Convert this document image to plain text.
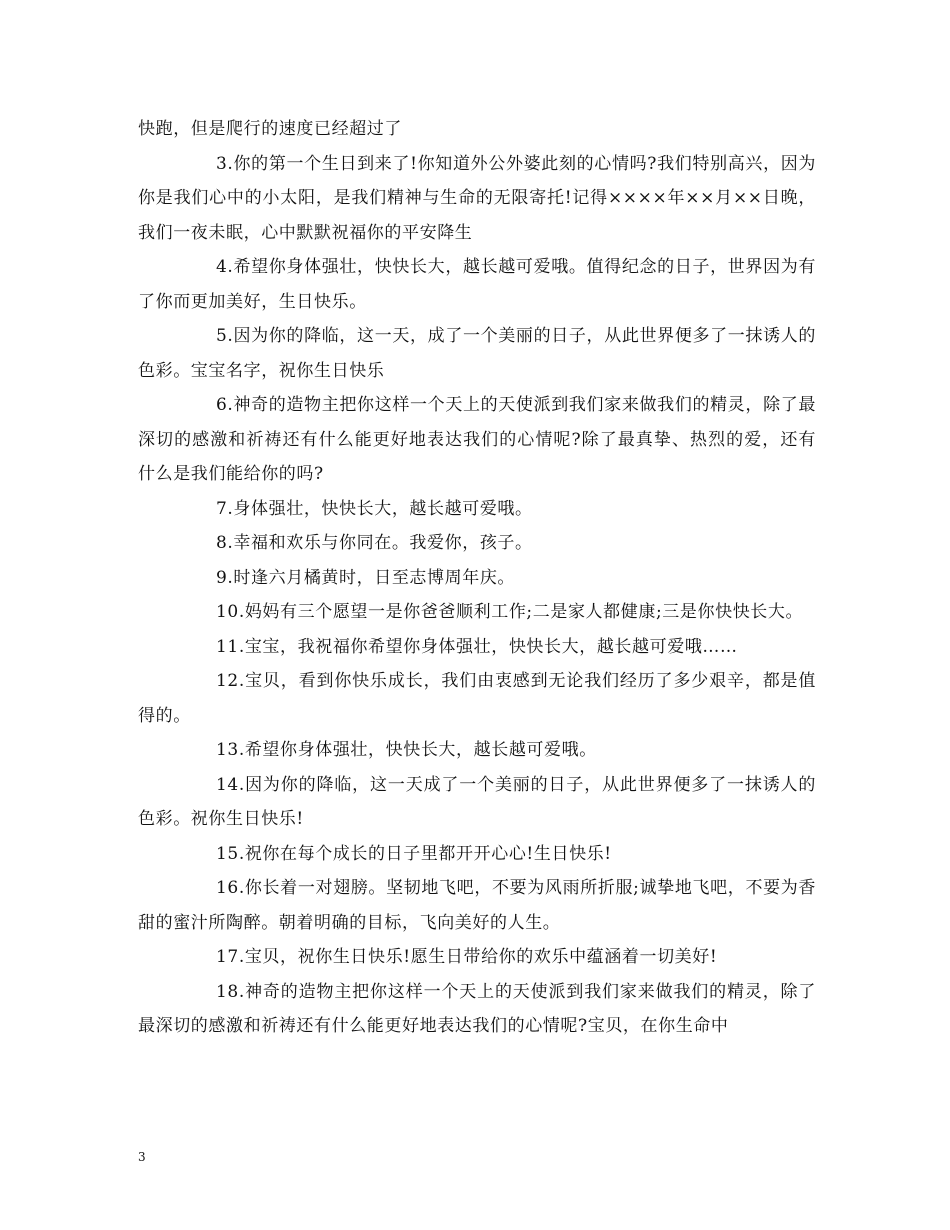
快跑，但是爬行的速度已经超过了

3.你的第一个生日到来了!你知道外公外婆此刻的心情吗?我们特别高兴，因为你是我们心中的小太阳，是我们精神与生命的无限寄托!记得××××年××月××日晚，我们一夜未眠，心中默默祝福你的平安降生

4.希望你身体强壮，快快长大，越长越可爱哦。值得纪念的日子，世界因为有了你而更加美好，生日快乐。

5.因为你的降临，这一天，成了一个美丽的日子，从此世界便多了一抹诱人的色彩。宝宝名字，祝你生日快乐

6.神奇的造物主把你这样一个天上的天使派到我们家来做我们的精灵，除了最深切的感激和祈祷还有什么能更好地表达我们的心情呢?除了最真挚、热烈的爱，还有什么是我们能给你的吗?

7.身体强壮，快快长大，越长越可爱哦。

8.幸福和欢乐与你同在。我爱你，孩子。

9.时逢六月橘黄时，日至志博周年庆。

10.妈妈有三个愿望一是你爸爸顺利工作;二是家人都健康;三是你快快长大。

11.宝宝，我祝福你希望你身体强壮，快快长大，越长越可爱哦……

12.宝贝，看到你快乐成长，我们由衷感到无论我们经历了多少艰辛，都是值得的。

13.希望你身体强壮，快快长大，越长越可爱哦。

14.因为你的降临，这一天成了一个美丽的日子，从此世界便多了一抹诱人的色彩。祝你生日快乐!

15.祝你在每个成长的日子里都开开心心!生日快乐!

16.你长着一对翅膀。坚韧地飞吧，不要为风雨所折服;诚挚地飞吧，不要为香甜的蜜汁所陶醉。朝着明确的目标，飞向美好的人生。

17.宝贝，祝你生日快乐!愿生日带给你的欢乐中蕴涵着一切美好!

18.神奇的造物主把你这样一个天上的天使派到我们家来做我们的精灵，除了最深切的感激和祈祷还有什么能更好地表达我们的心情呢?宝贝，在你生命中

3
